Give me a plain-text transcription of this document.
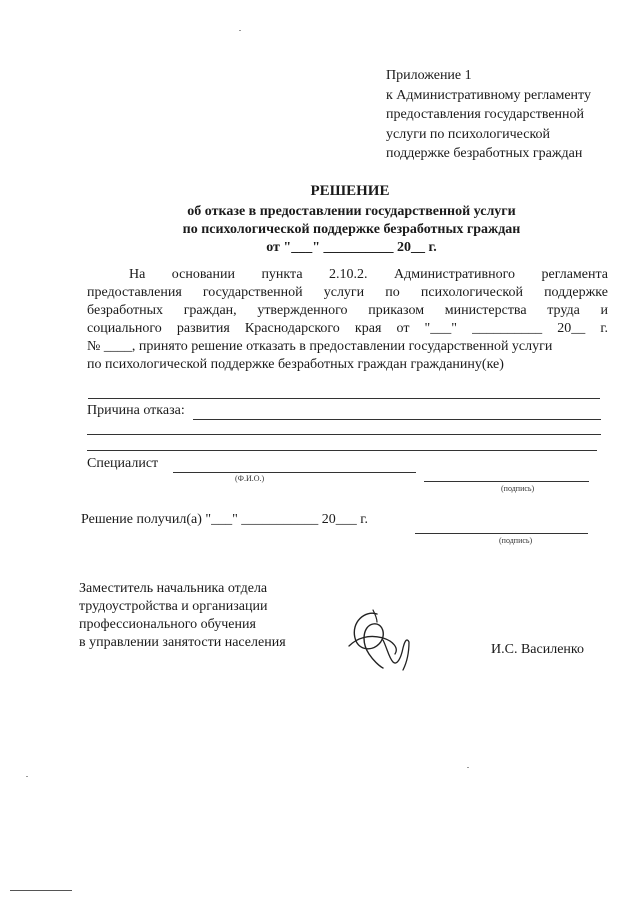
Приложение 1
к Административному регламенту
предоставления государственной
услуги по психологической
поддержке безработных граждан
РЕШЕНИЕ
об отказе в предоставлении государственной услуги
по психологической поддержке безработных граждан
от "___" __________ 20__ г.
На основании пункта 2.10.2. Административного регламента
предоставления государственной услуги по психологической поддержке
безработных граждан, утвержденного приказом министерства труда и
социального развития Краснодарского края от "___" __________ 20__ г.
№ ____, принято решение отказать в предоставлении государственной услуги
по психологической поддержке безработных граждан гражданину(ке)
Причина отказа:
Специалист
(Ф.И.О.)
(подпись)
Решение получил(а) "___" ___________ 20___ г.
(подпись)
Заместитель начальника отдела
трудоустройства и организации
профессионального обучения
в управлении занятости населения	И.С. Василенко
